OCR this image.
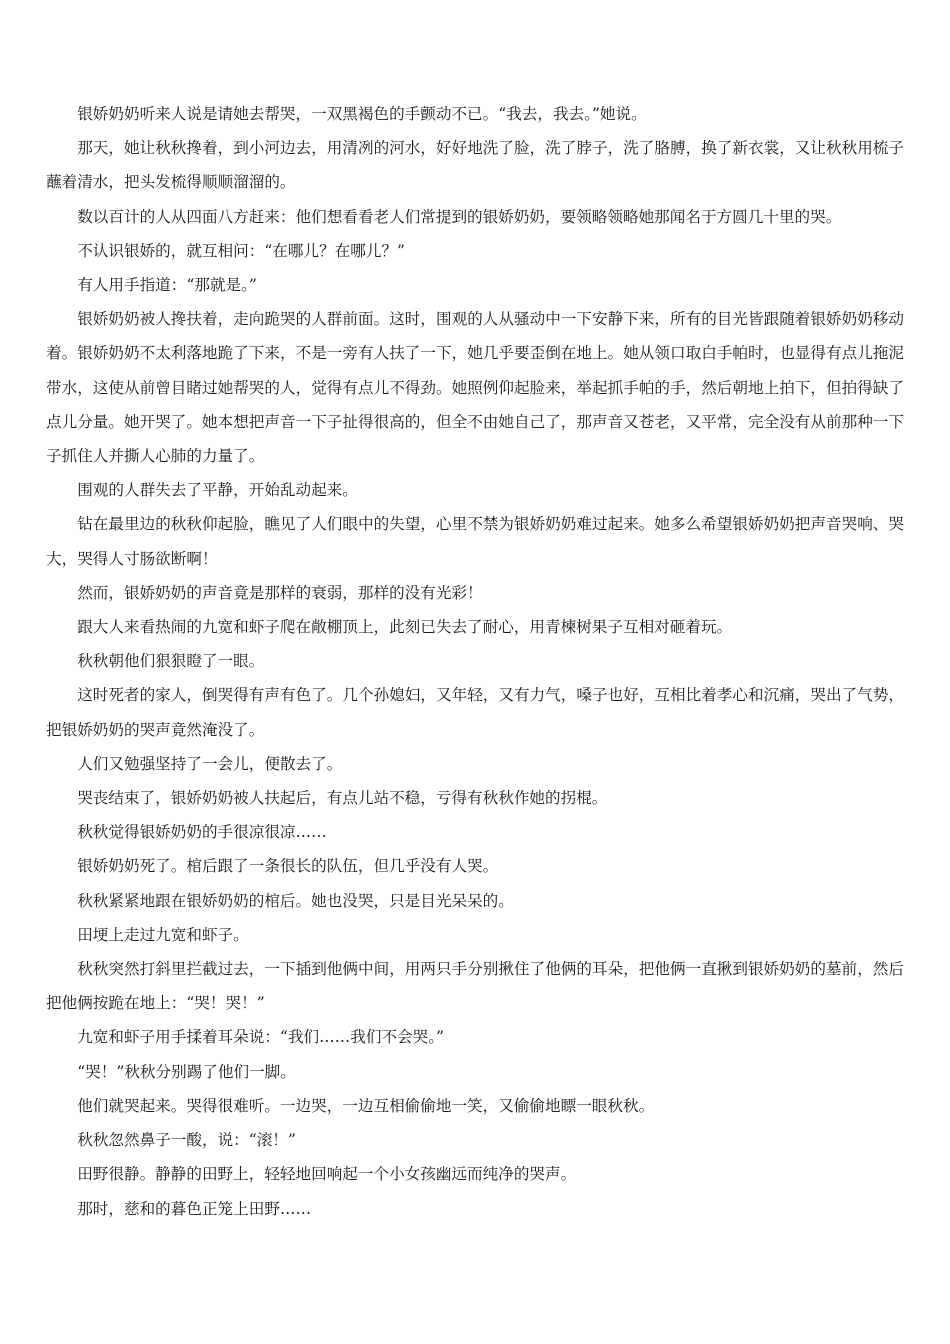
银娇奶奶听来人说是请她去帮哭，一双黑褐色的手颤动不已。“我去，我去。”她说。

那天，她让秋秋搀着，到小河边去，用清冽的河水，好好地洗了脸，洗了脖子，洗了胳膊，换了新衣裳，又让秋秋用梳子蘸着清水，把头发梳得顺顺溜溜的。

数以百计的人从四面八方赶来：他们想看看老人们常提到的银娇奶奶，要领略领略她那闻名于方圆几十里的哭。

不认识银娇的，就互相问：“在哪儿？在哪儿？”

有人用手指道：“那就是。”

银娇奶奶被人搀扶着，走向跪哭的人群前面。这时，围观的人从骚动中一下安静下来，所有的目光皆跟随着银娇奶奶移动着。银娇奶奶不太利落地跪了下来，不是一旁有人扶了一下，她几乎要歪倒在地上。她从领口取白手帕时，也显得有点儿拖泥带水，这使从前曾目睹过她帮哭的人，觉得有点儿不得劲。她照例仰起脸来，举起抓手帕的手，然后朝地上拍下，但拍得缺了点儿分量。她开哭了。她本想把声音一下子扯得很高的，但全不由她自己了，那声音又苍老，又平常，完全没有从前那种一下子抓住人并撕人心肺的力量了。

围观的人群失去了平静，开始乱动起来。

钻在最里边的秋秋仰起脸，瞧见了人们眼中的失望，心里不禁为银娇奶奶难过起来。她多么希望银娇奶奶把声音哭响、哭大，哭得人寸肠欲断啊！

然而，银娇奶奶的声音竟是那样的衰弱，那样的没有光彩！

跟大人来看热闹的九宽和虾子爬在敞棚顶上，此刻已失去了耐心，用青楝树果子互相对砸着玩。

秋秋朝他们狠狠瞪了一眼。

这时死者的家人，倒哭得有声有色了。几个孙媳妇，又年轻，又有力气，嗓子也好，互相比着孝心和沉痛，哭出了气势，把银娇奶奶的哭声竟然淹没了。

人们又勉强坚持了一会儿，便散去了。

哭丧结束了，银娇奶奶被人扶起后，有点儿站不稳，亏得有秋秋作她的拐棍。

秋秋觉得银娇奶奶的手很凉很凉……

银娇奶奶死了。棺后跟了一条很长的队伍，但几乎没有人哭。

秋秋紧紧地跟在银娇奶奶的棺后。她也没哭，只是目光呆呆的。

田埂上走过九宽和虾子。

秋秋突然打斜里拦截过去，一下插到他俩中间，用两只手分别揪住了他俩的耳朵，把他俩一直揪到银娇奶奶的墓前，然后把他俩按跪在地上：“哭！哭！”

九宽和虾子用手揉着耳朵说：“我们……我们不会哭。”

“哭！”秋秋分别踢了他们一脚。

他们就哭起来。哭得很难听。一边哭，一边互相偷偷地一笑，又偷偷地瞟一眼秋秋。

秋秋忽然鼻子一酸，说：“滚！”

田野很静。静静的田野上，轻轻地回响起一个小女孩幽远而纯净的哭声。

那时，慈和的暮色正笼上田野……
